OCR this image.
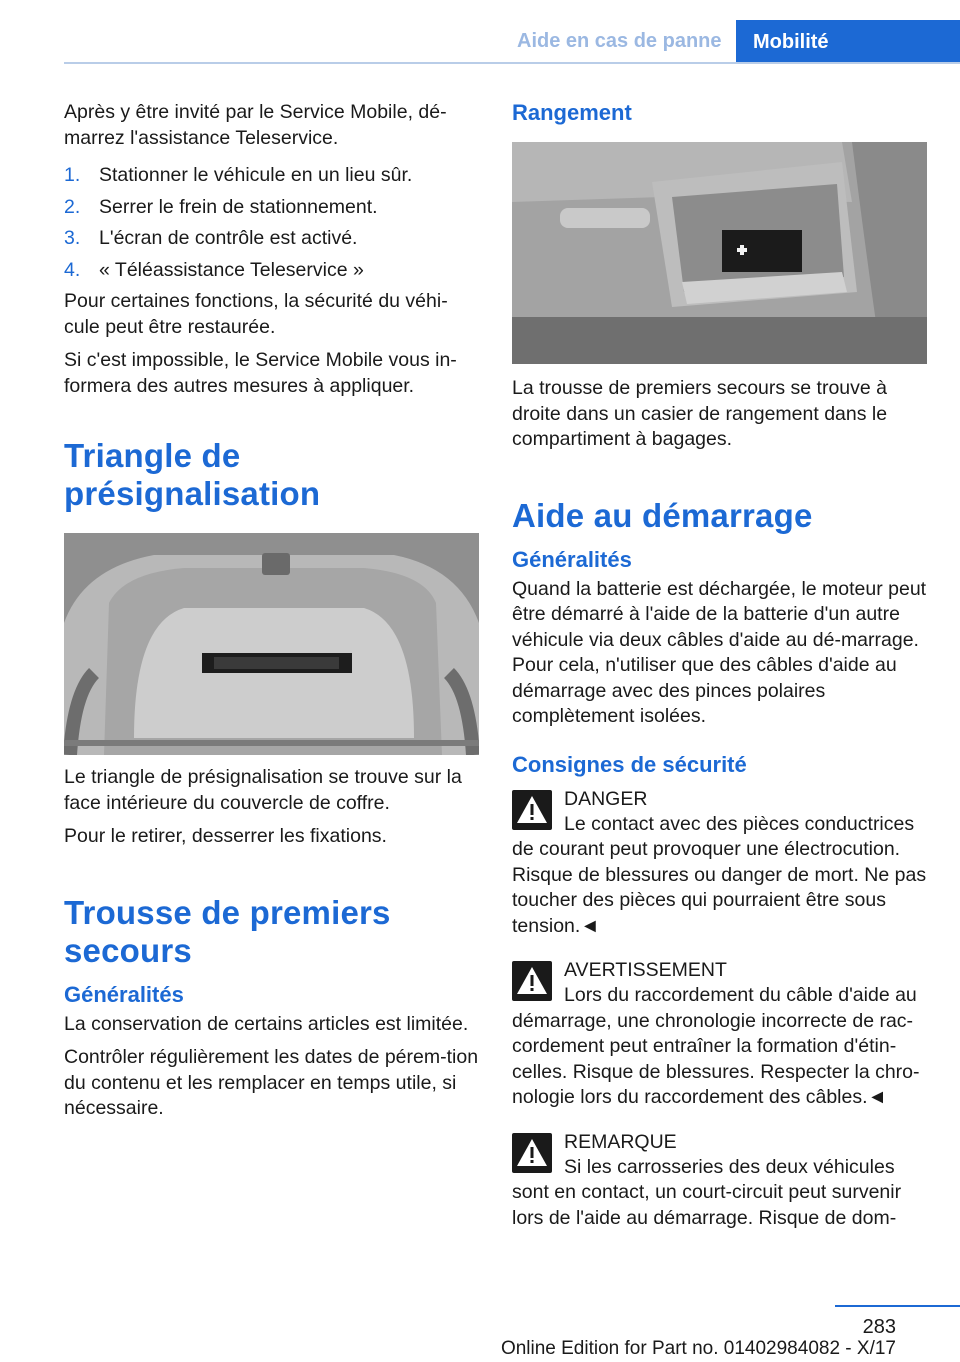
Aide en cas de panne	Mobilité

Après y être invité par le Service Mobile, dé-marrez l'assistance Teleservice.

1. Stationner le véhicule en un lieu sûr.
2. Serrer le frein de stationnement.
3. L'écran de contrôle est activé.
4. « Téléassistance Teleservice »

Pour certaines fonctions, la sécurité du véhi-cule peut être restaurée.

Si c'est impossible, le Service Mobile vous in-formera des autres mesures à appliquer.

Triangle de présignalisation

Le triangle de présignalisation se trouve sur la face intérieure du couvercle de coffre.

Pour le retirer, desserrer les fixations.

Trousse de premiers secours
Généralités

La conservation de certains articles est limitée.

Contrôler régulièrement les dates de pérem-tion du contenu et les remplacer en temps utile, si nécessaire.

Rangement

La trousse de premiers secours se trouve à droite dans un casier de rangement dans le compartiment à bagages.

Aide au démarrage
Généralités

Quand la batterie est déchargée, le moteur peut être démarré à l'aide de la batterie d'un autre véhicule via deux câbles d'aide au dé-marrage. Pour cela, n'utiliser que des câbles d'aide au démarrage avec des pinces polaires complètement isolées.

Consignes de sécurité
DANGER

Le contact avec des pièces conductrices de courant peut provoquer une électrocution. Risque de blessures ou danger de mort. Ne pas toucher des pièces qui pourraient être sous tension.◄

AVERTISSEMENT

Lors du raccordement du câble d'aide au démarrage, une chronologie incorrecte de rac-cordement peut entraîner la formation d'étin-celles. Risque de blessures. Respecter la chro-nologie lors du raccordement des câbles.◄

REMARQUE

Si les carrosseries des deux véhicules sont en contact, un court-circuit peut survenir lors de l'aide au démarrage. Risque de dom-

283
Online Edition for Part no. 01402984082 - X/17
